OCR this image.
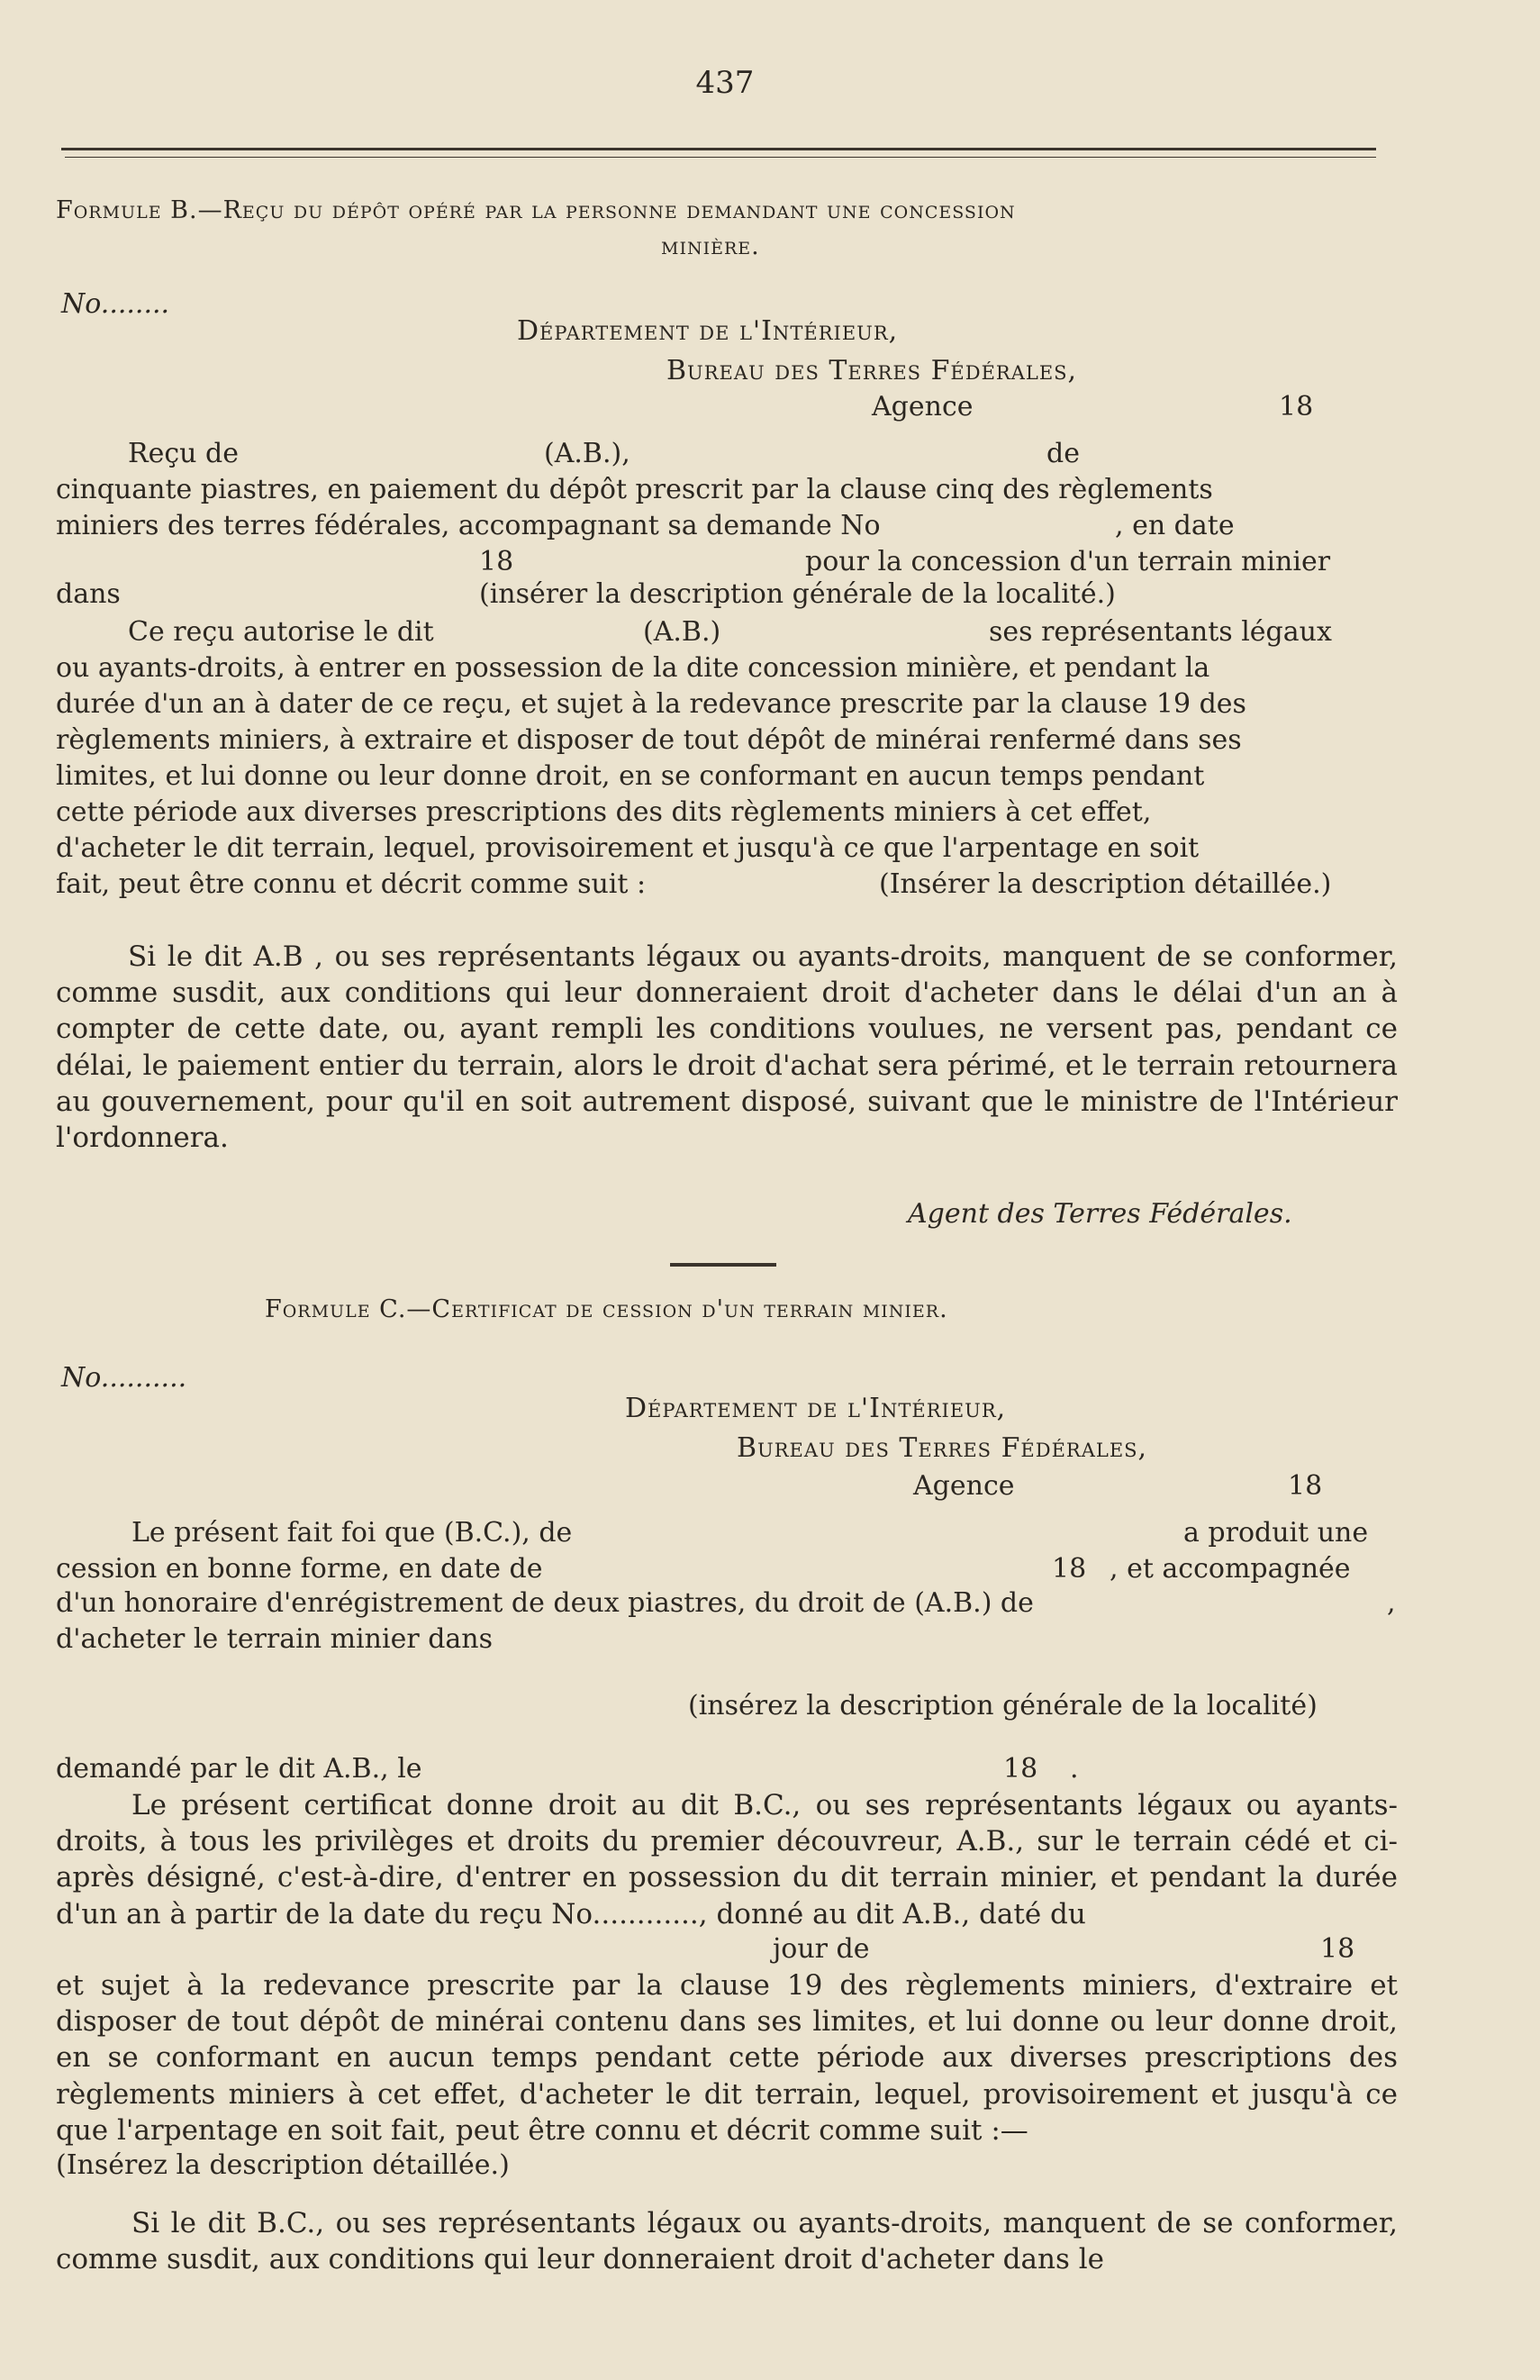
437
Formule B.—Reçu du dépôt opéré par la personne demandant une concession
minière.
No........
Département de l'Intérieur,
Bureau des Terres Fédérales,
Agence	18
Reçu de	(A.B.),	de
cinquante piastres, en paiement du dépôt prescrit par la clause cinq des règlements
miniers des terres fédérales, accompagnant sa demande No	, en date
18	pour la concession d'un terrain minier
dans	(insérer la description générale de la localité.)
Ce reçu autorise le dit	(A.B.)	ses représentants légaux
ou ayants-droits, à entrer en possession de la dite concession minière, et pendant la
durée d'un an à dater de ce reçu, et sujet à la redevance prescrite par la clause 19 des
règlements miniers, à extraire et disposer de tout dépôt de minérai renfermé dans ses
limites, et lui donne ou leur donne droit, en se conformant en aucun temps pendant
cette période aux diverses prescriptions des dits règlements miniers à cet effet,
d'acheter le dit terrain, lequel, provisoirement et jusqu'à ce que l'arpentage en soit
fait, peut être connu et décrit comme suit :	(Insérer la description détaillée.)
Si le dit A.B , ou ses représentants légaux ou ayants-droits, manquent de se conformer, comme susdit, aux conditions qui leur donneraient droit d'acheter dans le délai d'un an à compter de cette date, ou, ayant rempli les conditions voulues, ne versent pas, pendant ce délai, le paiement entier du terrain, alors le droit d'achat sera périmé, et le terrain retournera au gouvernement, pour qu'il en soit autrement disposé, suivant que le ministre de l'Intérieur l'ordonnera.
Agent des Terres Fédérales.
Formule C.—Certificat de cession d'un terrain minier.
No..........
Département de l'Intérieur,
Bureau des Terres Fédérales,
Agence	18
Le présent fait foi que (B.C.), de	a produit une
cession en bonne forme, en date de	18 , et accompagnée
d'un honoraire d'enrégistrement de deux piastres, du droit de (A.B.) de	,
d'acheter le terrain minier dans
(insérez la description générale de la localité)
demandé par le dit A.B., le	18 .
Le présent certificat donne droit au dit B.C., ou ses représentants légaux ou ayants-droits, à tous les privilèges et droits du premier découvreur, A.B., sur le terrain cédé et ci-après désigné, c'est-à-dire, d'entrer en possession du dit terrain minier, et pendant la durée d'un an à partir de la date du reçu No............, donné au dit A.B., daté du
jour de	18
et sujet à la redevance prescrite par la clause 19 des règlements miniers, d'extraire et disposer de tout dépôt de minérai contenu dans ses limites, et lui donne ou leur donne droit, en se conformant en aucun temps pendant cette période aux diverses prescriptions des règlements miniers à cet effet, d'acheter le dit terrain, lequel, provisoirement et jusqu'à ce que l'arpentage en soit fait, peut être connu et décrit comme suit :—
(Insérez la description détaillée.)
Si le dit B.C., ou ses représentants légaux ou ayants-droits, manquent de se conformer, comme susdit, aux conditions qui leur donneraient droit d'acheter dans le
